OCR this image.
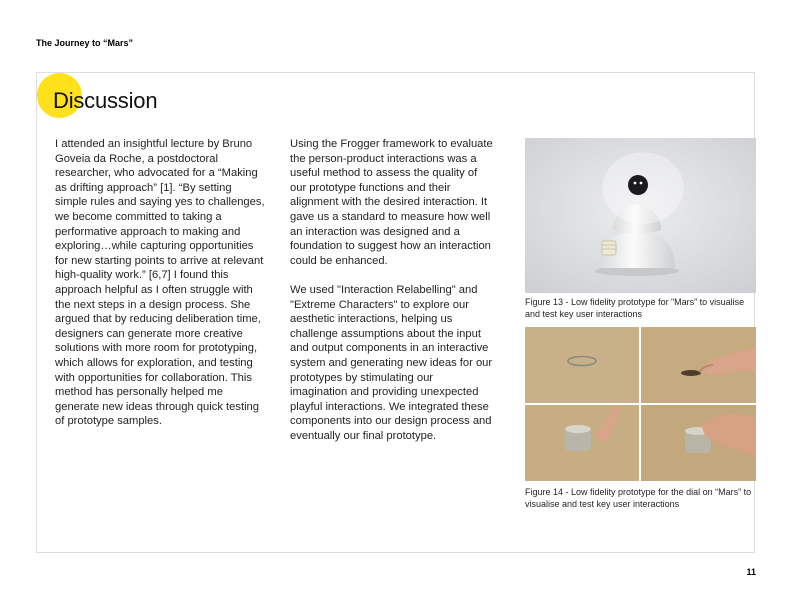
The Journey to “Mars”
Discussion

I attended an insightful lecture by Bruno Goveia da Roche, a postdoctoral researcher, who advocated for a “Making as drifting approach” [1]. “By setting simple rules and saying yes to challenges, we become committed to taking a performative approach to making and exploring…while capturing opportunities for new starting points to arrive at relevant high-quality work.” [6,7] I found this approach helpful as I often struggle with the next steps in a design process. She argued that by reducing deliberation time, designers can generate more creative solutions with more room for prototyping, which allows for exploration, and testing with opportunities for collaboration. This method has personally helped me generate new ideas through quick testing of prototype samples.

Using the Frogger framework to evaluate the person-product interactions was a useful method to assess the quality of our prototype functions and their alignment with the desired interaction. It gave us a standard to measure how well an interaction was designed and a foundation to suggest how an interaction could be enhanced.

We used "Interaction Relabelling" and "Extreme Characters" to explore our aesthetic interactions, helping us challenge assumptions about the input and output components in an interactive system and generating new ideas for our prototypes by stimulating our imagination and providing unexpected playful interactions. We integrated these components into our design process and eventually our final prototype.

Figure 13 - Low fidelity prototype for “Mars” to visualise and test key user interactions
Figure 14 - Low fidelity prototype for the dial on “Mars” to visualise and test key user interactions
11
